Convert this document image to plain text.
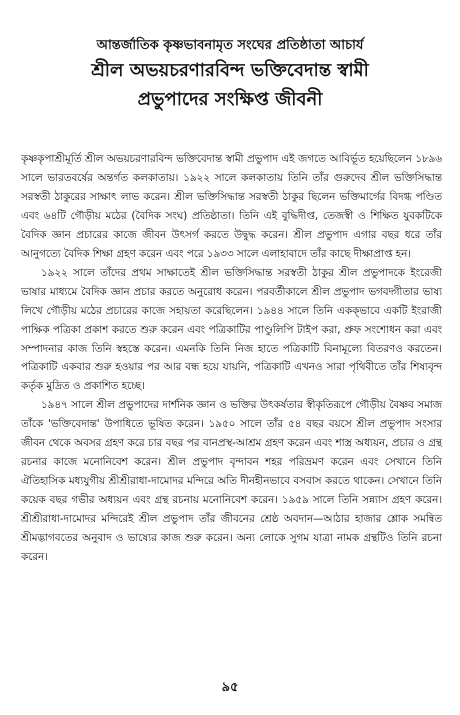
আন্তর্জাতিক কৃষ্ণভাবনামৃত সংঘের প্রতিষ্ঠাতা আচার্য
শ্রীল অভয়চরণারবিন্দ ভক্তিবেদান্ত স্বামী
প্রভুপাদের সংক্ষিপ্ত জীবনী

কৃষ্ণকৃপাশ্রীমূর্তি শ্রীল অভয়চরণারবিন্দ ভক্তিবেদান্ত স্বামী প্রভুপাদ এই জগতে আবির্ভূত হয়েছিলেন ১৮৯৬ সালে ভারতবর্ষের অন্তর্গত কলকাতায়। ১৯২২ সালে কলকাতায় তিনি তাঁর গুরুদেব শ্রীল ভক্তিসিদ্ধান্ত সরস্বতী ঠাকুরের সাক্ষাৎ লাভ করেন। শ্রীল ভক্তিসিদ্ধান্ত সরস্বতী ঠাকুর ছিলেন ভক্তিমার্গের বিদগ্ধ পণ্ডিত এবং ৬৪টি গৌড়ীয় মঠের (বৈদিক সংঘ) প্রতিষ্ঠাতা। তিনি এই বুদ্ধিদীপ্ত, তেজস্বী ও শিক্ষিত যুবকটিকে বৈদিক জ্ঞান প্রচারের কাজে জীবন উৎসর্গ করতে উদ্বুদ্ধ করেন। শ্রীল প্রভুপাদ এগার বছর ধরে তাঁর আনুগত্যে বৈদিক শিক্ষা গ্রহণ করেন এবং পরে ১৯৩৩ সালে এলাহাবাদে তাঁর কাছে দীক্ষাপ্রাপ্ত হন।

১৯২২ সালে তাঁদের প্রথম সাক্ষাতেই শ্রীল ভক্তিসিদ্ধান্ত সরস্বতী ঠাকুর শ্রীল প্রভুপাদকে ইংরেজী ভাষার মাধ্যমে বৈদিক জ্ঞান প্রচার করতে অনুরোধ করেন। পরবর্তীকালে শ্রীল প্রভুপাদ ভগবদ্গীতার ভাষ্য লিখে গৌড়ীয় মঠের প্রচারের কাজে সহায়তা করেছিলেন। ১৯৪৪ সালে তিনি একক্ভাবে একটি ইংরাজী পাক্ষিক পত্রিকা প্রকাশ করতে শুরু করেন এবং পত্রিকাটির পাণ্ডুলিপি টাইপ করা, প্রুফ সংশোধন করা এবং সম্পাদনার কাজ তিনি স্বহস্তে করেন। এমনকি তিনি নিজ হাতে পত্রিকাটি বিনামূল্যে বিতরণও করতেন। পত্রিকাটি একবার শুরু হওয়ার পর আর বন্ধ হয়ে যায়নি, পত্রিকাটি এখনও সারা পৃথিবীতে তাঁর শিষ্যবৃন্দ কর্তৃক মুদ্রিত ও প্রকাশিত হচ্ছে।

১৯৪৭ সালে শ্রীল প্রভুপাদের দার্শনিক জ্ঞান ও ভক্তির উৎকর্ষতার স্বীকৃতিরূপে গৌড়ীয় বৈষ্ণব সমাজ তাঁকে 'ভক্তিবেদান্ত' উপাধিতে ভূষিত করেন। ১৯৫০ সালে তাঁর ৫৪ বছর বয়সে শ্রীল প্রভুপাদ সংসার জীবন থেকে অবসর গ্রহণ করে চার বছর পর বানপ্রস্থ-আশ্রম গ্রহণ করেন এবং শাস্ত্র অধ্যয়ন, প্রচার ও গ্রন্থ রচনার কাজে মনোনিবেশ করেন। শ্রীল প্রভুপাদ বৃন্দাবন শহর পরিভ্রমণ করেন এবং সেখানে তিনি ঐতিহাসিক মধ্যযুগীয় শ্রীশ্রীরাধা-দামোদর মন্দিরে অতি দীনহীনভাবে বসবাস করতে থাকেন। সেখানে তিনি কয়েক বছর গভীর অধ্যয়ন এবং গ্রন্থ রচনায় মনোনিবেশ করেন। ১৯৫৯ সালে তিনি সন্ন্যাস গ্রহণ করেন। শ্রীশ্রীরাধা-দামোদর মন্দিরেই শ্রীল প্রভুপাদ তাঁর জীবনের শ্রেষ্ঠ অবদান—আঠার হাজার শ্লোক সমন্বিত শ্রীমদ্ভাগবতের অনুবাদ ও ভাষ্যের কাজ শুরু করেন। অন্য লোকে সুগম যাত্রা নামক গ্রন্থটিও তিনি রচনা করেন।

৯৫
